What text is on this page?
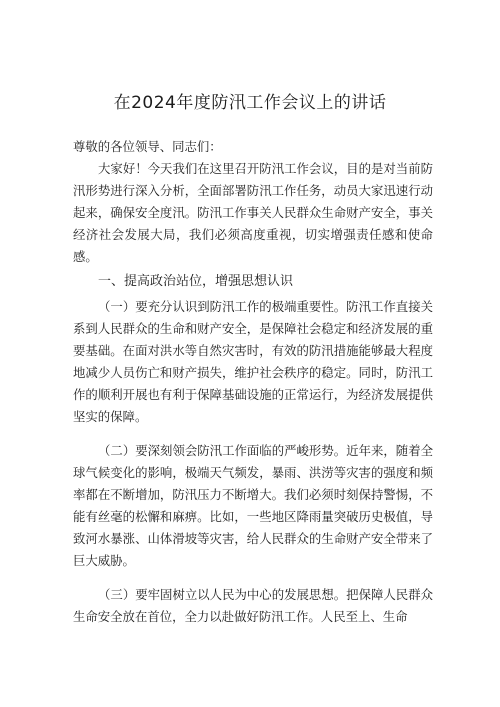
在2024年度防汛工作会议上的讲话
尊敬的各位领导、同志们：
大家好！今天我们在这里召开防汛工作会议，目的是对当前防汛形势进行深入分析，全面部署防汛工作任务，动员大家迅速行动起来，确保安全度汛。防汛工作事关人民群众生命财产安全，事关经济社会发展大局，我们必须高度重视，切实增强责任感和使命感。
一、提高政治站位，增强思想认识
（一）要充分认识到防汛工作的极端重要性。防汛工作直接关系到人民群众的生命和财产安全，是保障社会稳定和经济发展的重要基础。在面对洪水等自然灾害时，有效的防汛措施能够最大程度地减少人员伤亡和财产损失，维护社会秩序的稳定。同时，防汛工作的顺利开展也有利于保障基础设施的正常运行，为经济发展提供坚实的保障。
（二）要深刻领会防汛工作面临的严峻形势。近年来，随着全球气候变化的影响，极端天气频发，暴雨、洪涝等灾害的强度和频率都在不断增加，防汛压力不断增大。我们必须时刻保持警惕，不能有丝毫的松懈和麻痹。比如，一些地区降雨量突破历史极值，导致河水暴涨、山体滑坡等灾害，给人民群众的生命财产安全带来了巨大威胁。
（三）要牢固树立以人民为中心的发展思想。把保障人民群众生命安全放在首位，全力以赴做好防汛工作。人民至上、生命
